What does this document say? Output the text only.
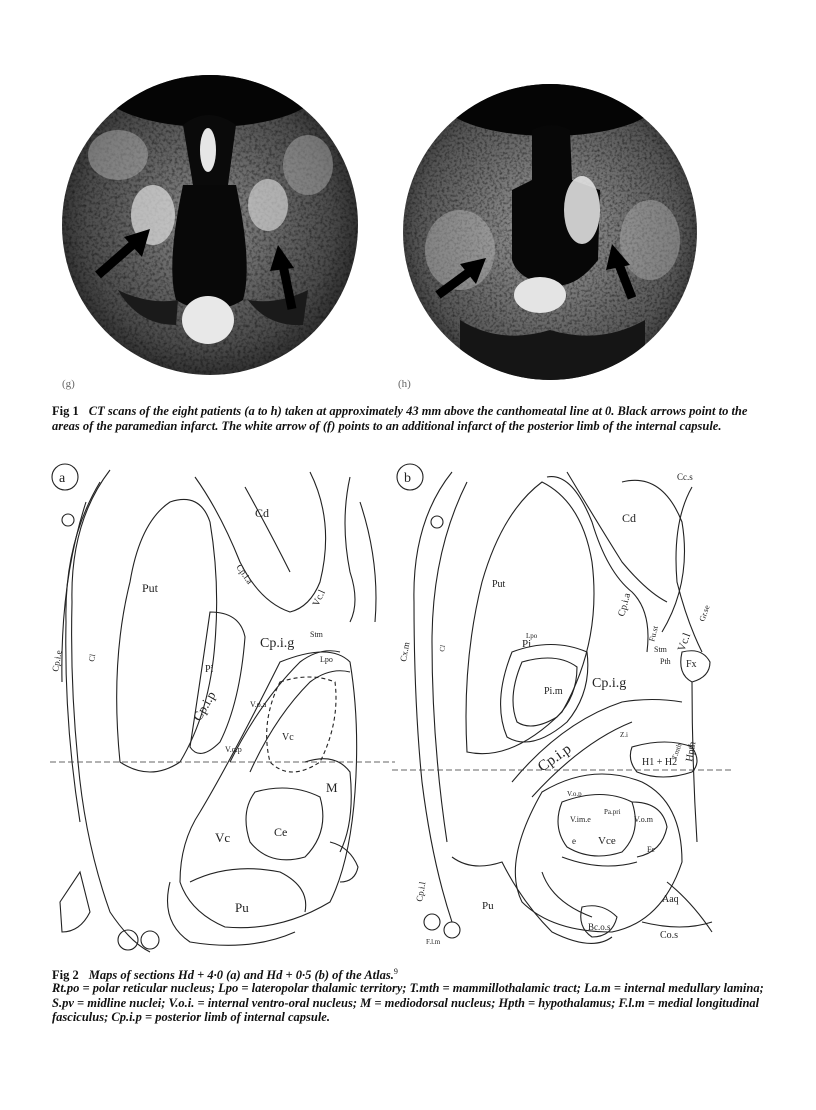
(g)	(h)
Fig 1 CT scans of the eight patients (a to h) taken at approximately 43 mm above the canthomeatal line at 0. Black arrows point to the areas of the paramedian infarct. The white arrow of (f) points to an additional infarct of the posterior limb of the internal capsule.
a
Cd
Cp.i.a
Vc.l
Put
Cp.i.g
Cp.i.p
Pi
Vc
Ce
M
Vc
Pu
Stm
Cp.i.e
V.o.p
V.o.a
Lpo
Cl
b
Cd
Cc.s
Vc.l
Gr.se
Put
Cp.i.a
Cp.i.g
Cp.i.p
Pi
Pi.m
Fx
Hpth
H1 + H2
T.mth
V.im.e	V.o.m
Vce
Pu
Aaq
Co.s
Cp.i.l
Cx.m
Fu.st
Stm
Pth
Fe
Z.i
Lpo
Cl
e
Bc.o.s
F.l.m
V.o.p
Pa.pri
Fig 2 Maps of sections Hd + 4·0 (a) and Hd + 0·5 (b) of the Atlas.$^9$
Rt.po = polar reticular nucleus; Lpo = lateropolar thalamic territory; T.mth = mammillothalamic tract; La.m = internal medullary lamina; S.pv = midline nuclei; V.o.i. = internal ventro-oral nucleus; M = mediodorsal nucleus; Hpth = hypothalamus; F.l.m = medial longitudinal fasciculus; Cp.i.p = posterior limb of internal capsule.
